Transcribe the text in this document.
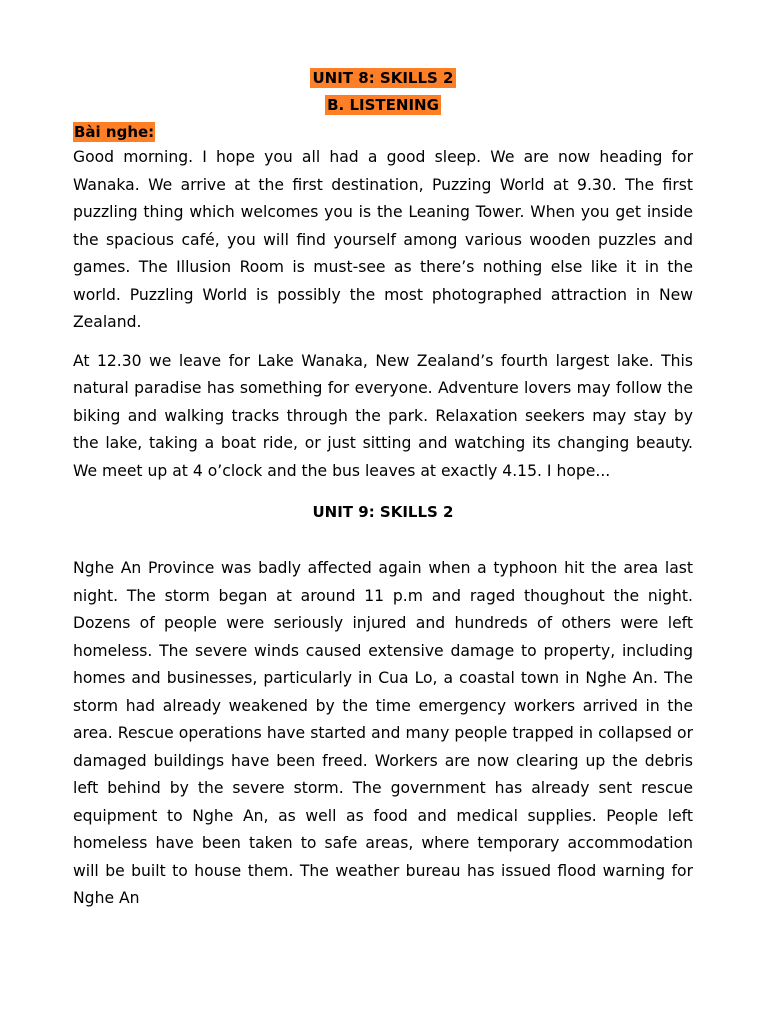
UNIT 8: SKILLS 2

B. LISTENING

Bài nghe:

Good morning. I hope you all had a good sleep. We are now heading for Wanaka. We arrive at the first destination, Puzzing World at 9.30. The first puzzling thing which welcomes you is the Leaning Tower. When you get inside the spacious café, you will find yourself among various wooden puzzles and games. The Illusion Room is must-see as there’s nothing else like it in the world. Puzzling World is possibly the most photographed attraction in New Zealand.

At 12.30 we leave for Lake Wanaka, New Zealand’s fourth largest lake. This natural paradise has something for everyone. Adventure lovers may follow the biking and walking tracks through the park. Relaxation seekers may stay by the lake, taking a boat ride, or just sitting and watching its changing beauty. We meet up at 4 o’clock and the bus leaves at exactly 4.15. I hope...

UNIT 9: SKILLS 2

Nghe An Province was badly affected again when a typhoon hit the area last night. The storm began at around 11 p.m and raged thoughout the night. Dozens of people were seriously injured and hundreds of others were left homeless. The severe winds caused extensive damage to property, including homes and businesses, particularly in Cua Lo, a coastal town in Nghe An. The storm had already weakened by the time emergency workers arrived in the area. Rescue operations have started and many people trapped in collapsed or damaged buildings have been freed. Workers are now clearing up the debris left behind by the severe storm. The government has already sent rescue equipment to Nghe An, as well as food and medical supplies. People left homeless have been taken to safe areas, where temporary accommodation will be built to house them. The weather bureau has issued flood warning for Nghe An
